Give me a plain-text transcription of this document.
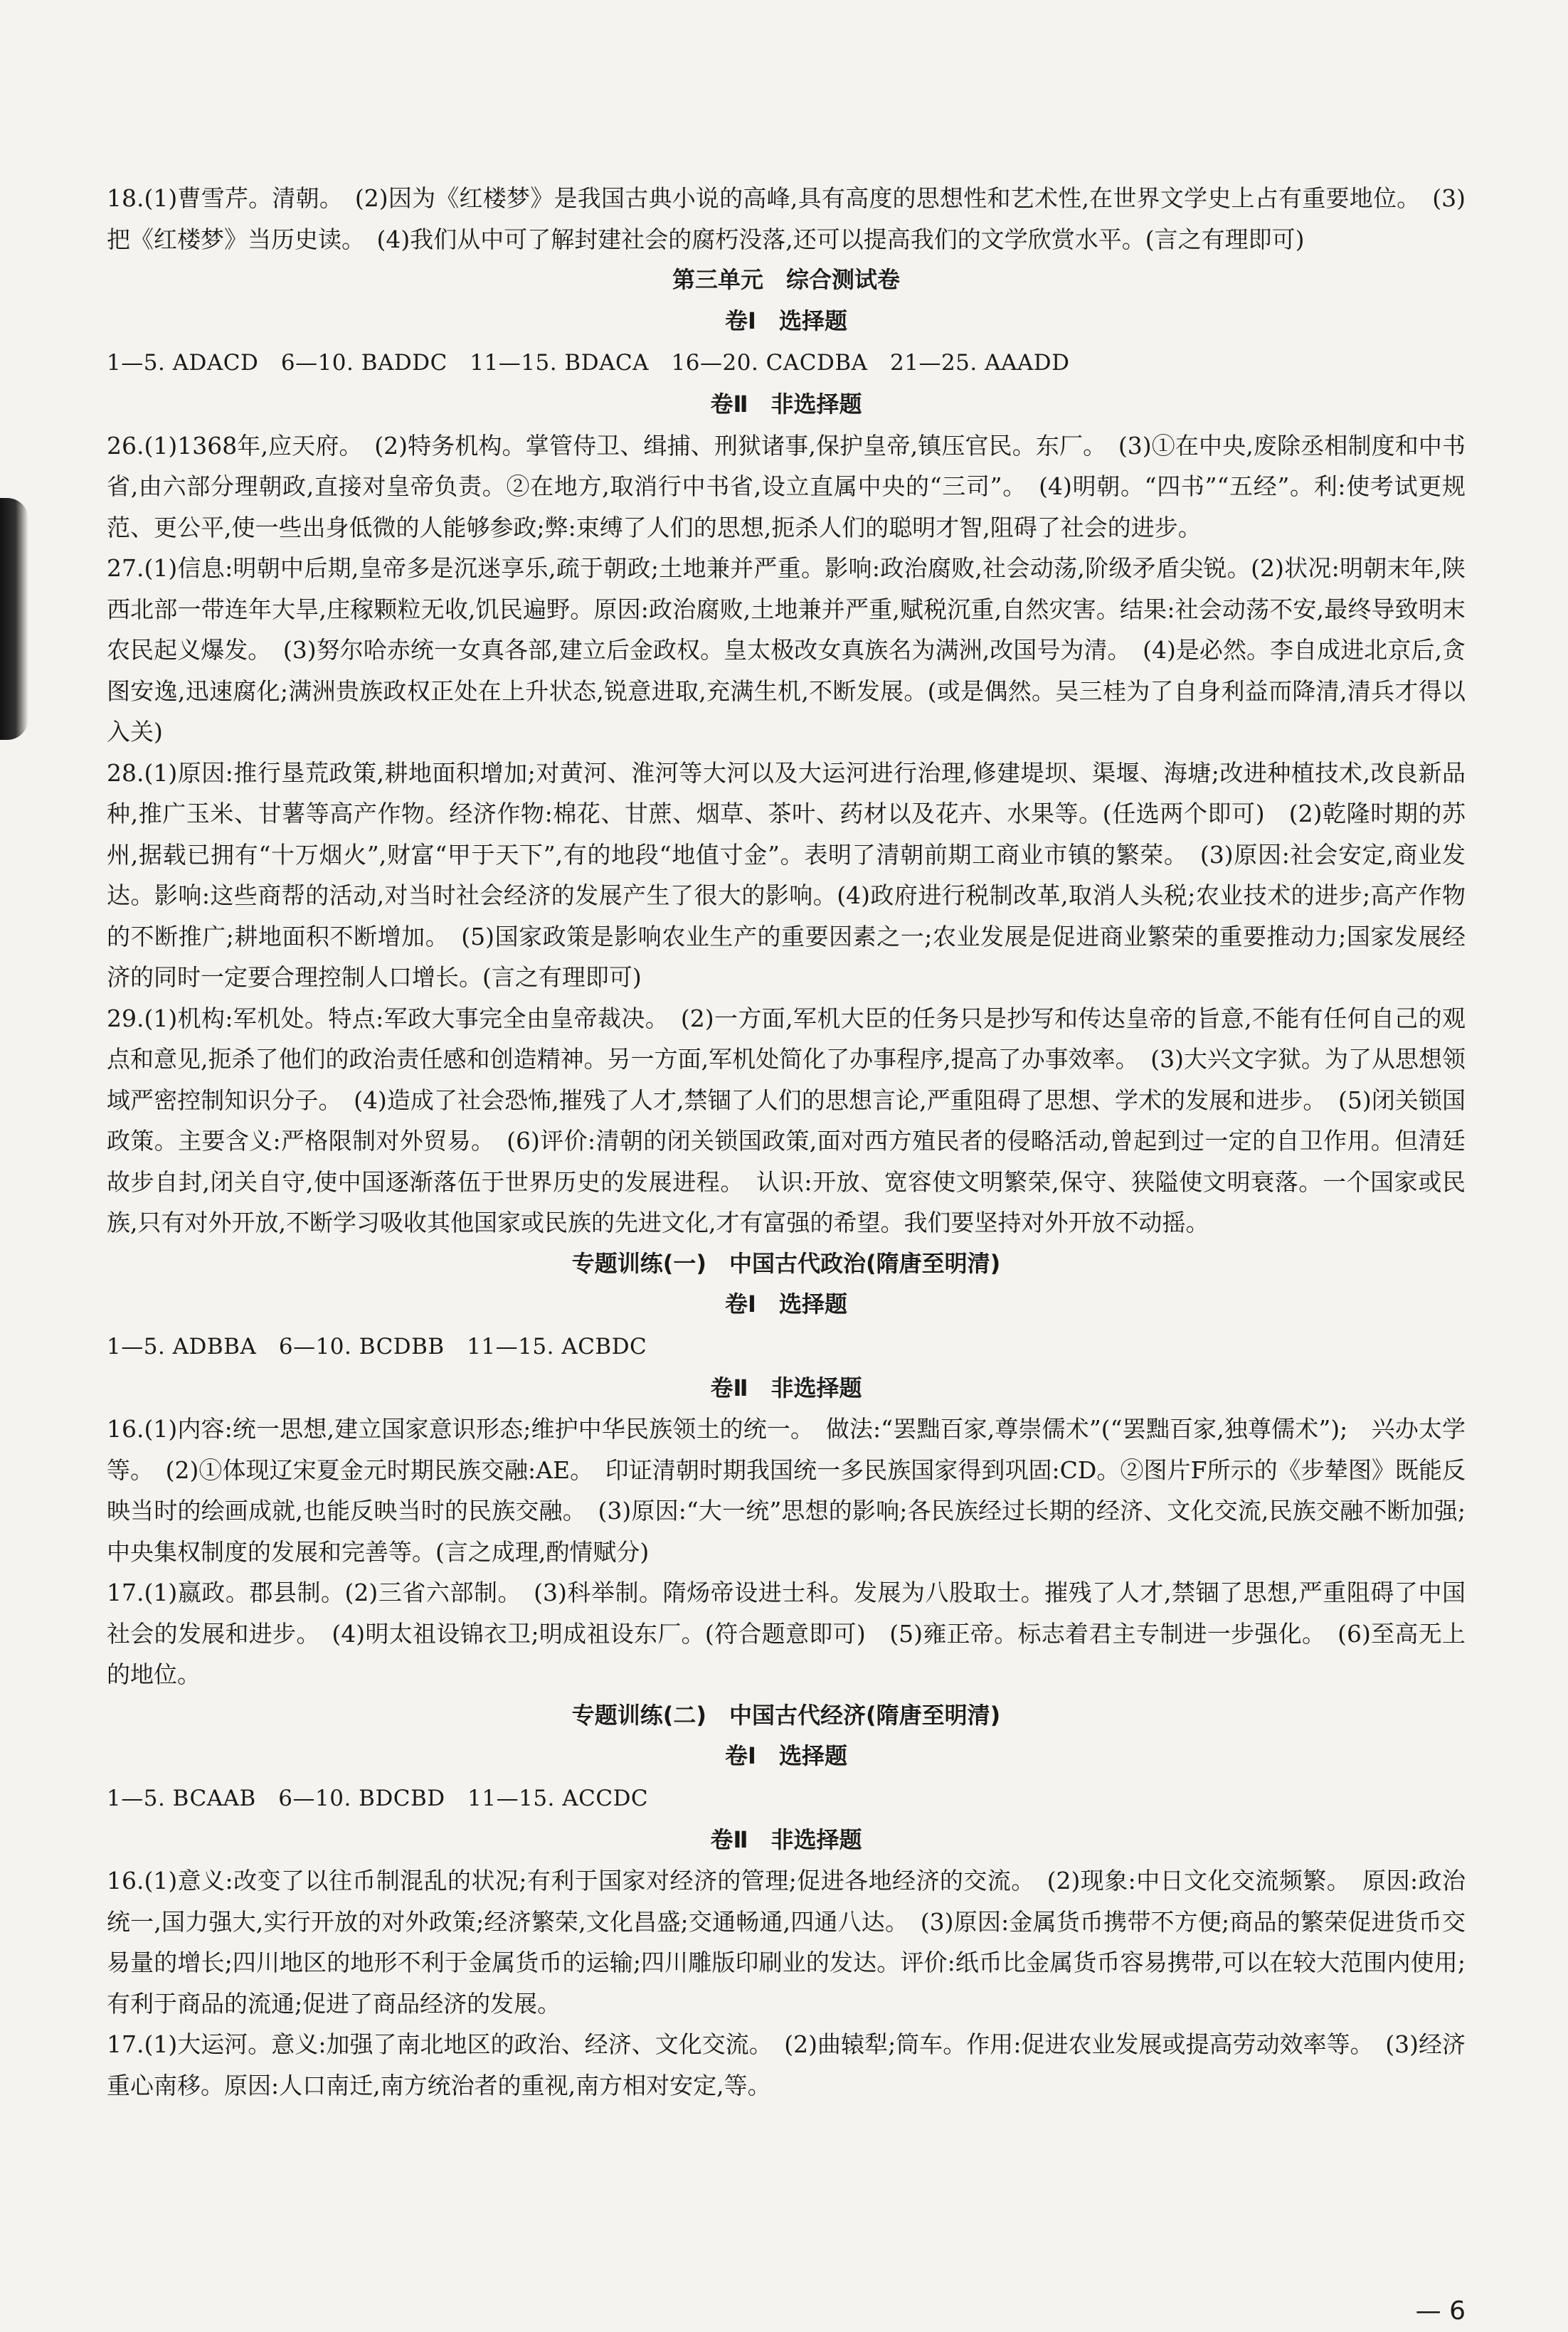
18.(1)曹雪芹。清朝。　(2)因为《红楼梦》是我国古典小说的高峰,具有高度的思想性和艺术性,在世界文学史上占有重要地位。　(3)把《红楼梦》当历史读。　(4)我们从中可了解封建社会的腐朽没落,还可以提高我们的文学欣赏水平。(言之有理即可)

第三单元　综合测试卷

卷Ⅰ　选择题

1—5. ADACD　6—10. BADDC　11—15. BDACA　16—20. CACDBA　21—25. AAADD

卷Ⅱ　非选择题

26.(1)1368年,应天府。　(2)特务机构。掌管侍卫、缉捕、刑狱诸事,保护皇帝,镇压官民。东厂。　(3)①在中央,废除丞相制度和中书省,由六部分理朝政,直接对皇帝负责。②在地方,取消行中书省,设立直属中央的“三司”。　(4)明朝。“四书”“五经”。利:使考试更规范、更公平,使一些出身低微的人能够参政;弊:束缚了人们的思想,扼杀人们的聪明才智,阻碍了社会的进步。

27.(1)信息:明朝中后期,皇帝多是沉迷享乐,疏于朝政;土地兼并严重。影响:政治腐败,社会动荡,阶级矛盾尖锐。(2)状况:明朝末年,陕西北部一带连年大旱,庄稼颗粒无收,饥民遍野。原因:政治腐败,土地兼并严重,赋税沉重,自然灾害。结果:社会动荡不安,最终导致明末农民起义爆发。　(3)努尔哈赤统一女真各部,建立后金政权。皇太极改女真族名为满洲,改国号为清。　(4)是必然。李自成进北京后,贪图安逸,迅速腐化;满洲贵族政权正处在上升状态,锐意进取,充满生机,不断发展。(或是偶然。吴三桂为了自身利益而降清,清兵才得以入关)

28.(1)原因:推行垦荒政策,耕地面积增加;对黄河、淮河等大河以及大运河进行治理,修建堤坝、渠堰、海塘;改进种植技术,改良新品种,推广玉米、甘薯等高产作物。经济作物:棉花、甘蔗、烟草、茶叶、药材以及花卉、水果等。(任选两个即可)　(2)乾隆时期的苏州,据载已拥有“十万烟火”,财富“甲于天下”,有的地段“地值寸金”。表明了清朝前期工商业市镇的繁荣。　(3)原因:社会安定,商业发达。影响:这些商帮的活动,对当时社会经济的发展产生了很大的影响。(4)政府进行税制改革,取消人头税;农业技术的进步;高产作物的不断推广;耕地面积不断增加。　(5)国家政策是影响农业生产的重要因素之一;农业发展是促进商业繁荣的重要推动力;国家发展经济的同时一定要合理控制人口增长。(言之有理即可)

29.(1)机构:军机处。特点:军政大事完全由皇帝裁决。　(2)一方面,军机大臣的任务只是抄写和传达皇帝的旨意,不能有任何自己的观点和意见,扼杀了他们的政治责任感和创造精神。另一方面,军机处简化了办事程序,提高了办事效率。　(3)大兴文字狱。为了从思想领域严密控制知识分子。　(4)造成了社会恐怖,摧残了人才,禁锢了人们的思想言论,严重阻碍了思想、学术的发展和进步。　(5)闭关锁国政策。主要含义:严格限制对外贸易。　(6)评价:清朝的闭关锁国政策,面对西方殖民者的侵略活动,曾起到过一定的自卫作用。但清廷故步自封,闭关自守,使中国逐渐落伍于世界历史的发展进程。　认识:开放、宽容使文明繁荣,保守、狭隘使文明衰落。一个国家或民族,只有对外开放,不断学习吸收其他国家或民族的先进文化,才有富强的希望。我们要坚持对外开放不动摇。

专题训练(一)　中国古代政治(隋唐至明清)

卷Ⅰ　选择题

1—5. ADBBA　6—10. BCDBB　11—15. ACBDC

卷Ⅱ　非选择题

16.(1)内容:统一思想,建立国家意识形态;维护中华民族领土的统一。　做法:“罢黜百家,尊崇儒术”(“罢黜百家,独尊儒术”);　兴办太学等。　(2)①体现辽宋夏金元时期民族交融:AE。　印证清朝时期我国统一多民族国家得到巩固:CD。②图片F所示的《步辇图》既能反映当时的绘画成就,也能反映当时的民族交融。　(3)原因:“大一统”思想的影响;各民族经过长期的经济、文化交流,民族交融不断加强;中央集权制度的发展和完善等。(言之成理,酌情赋分)

17.(1)嬴政。郡县制。(2)三省六部制。　(3)科举制。隋炀帝设进士科。发展为八股取士。摧残了人才,禁锢了思想,严重阻碍了中国社会的发展和进步。　(4)明太祖设锦衣卫;明成祖设东厂。(符合题意即可)　(5)雍正帝。标志着君主专制进一步强化。　(6)至高无上的地位。

专题训练(二)　中国古代经济(隋唐至明清)

卷Ⅰ　选择题

1—5. BCAAB　6—10. BDCBD　11—15. ACCDC

卷Ⅱ　非选择题

16.(1)意义:改变了以往币制混乱的状况;有利于国家对经济的管理;促进各地经济的交流。　(2)现象:中日文化交流频繁。　原因:政治统一,国力强大,实行开放的对外政策;经济繁荣,文化昌盛;交通畅通,四通八达。　(3)原因:金属货币携带不方便;商品的繁荣促进货币交易量的增长;四川地区的地形不利于金属货币的运输;四川雕版印刷业的发达。评价:纸币比金属货币容易携带,可以在较大范围内使用;有利于商品的流通;促进了商品经济的发展。

17.(1)大运河。意义:加强了南北地区的政治、经济、文化交流。　(2)曲辕犁;筒车。作用:促进农业发展或提高劳动效率等。　(3)经济重心南移。原因:人口南迁,南方统治者的重视,南方相对安定,等。

— 6
